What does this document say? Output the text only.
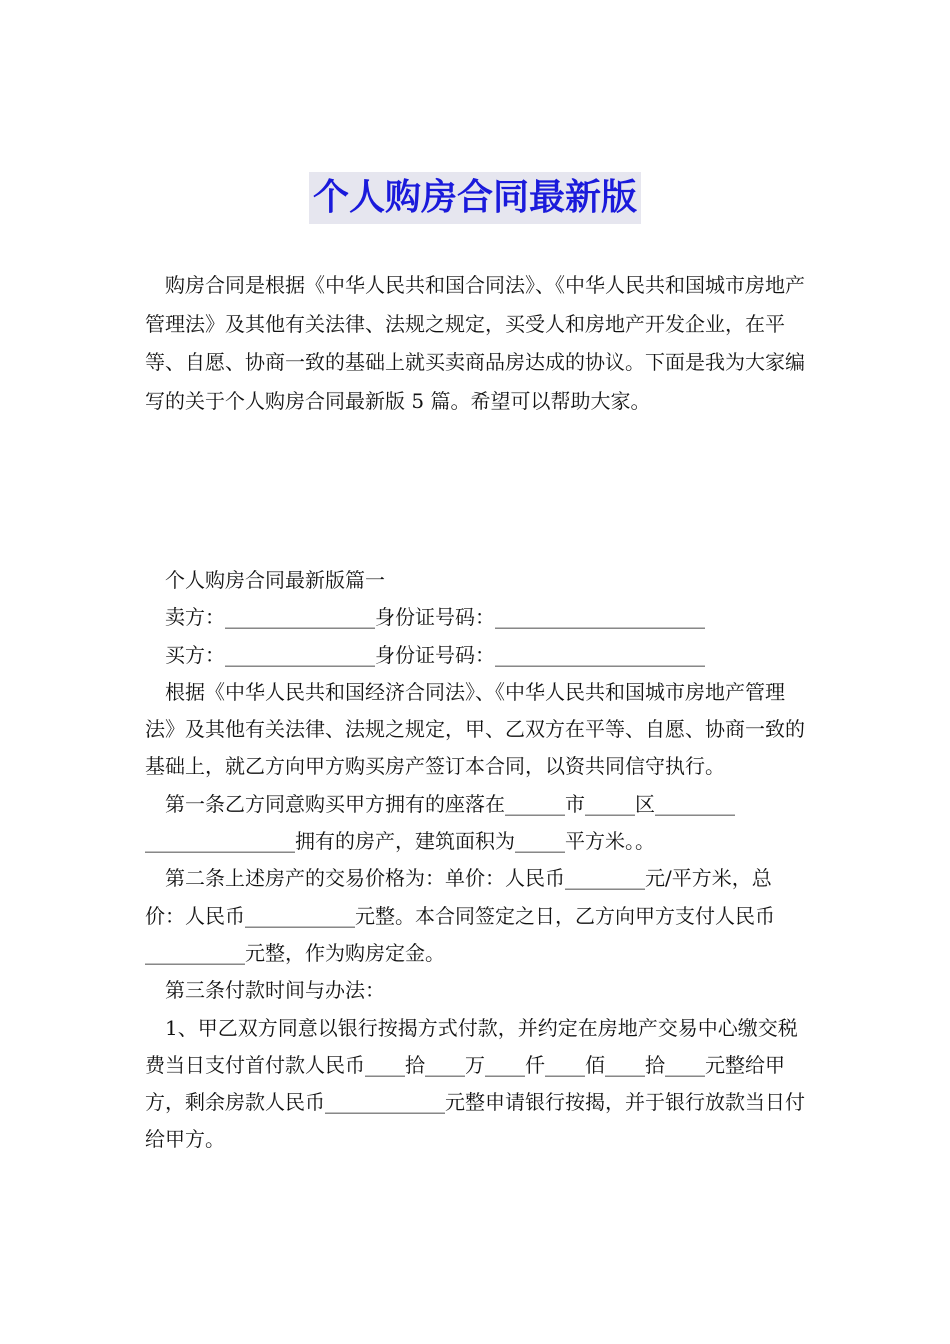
个人购房合同最新版

购房合同是根据《中华人民共和国合同法》、《中华人民共和国城市房地产管理法》及其他有关法律、法规之规定，买受人和房地产开发企业，在平等、自愿、协商一致的基础上就买卖商品房达成的协议。下面是我为大家编写的关于个人购房合同最新版 5 篇。希望可以帮助大家。

个人购房合同最新版篇一

卖方：_______________身份证号码：_____________________

买方：_______________身份证号码：_____________________

根据《中华人民共和国经济合同法》、《中华人民共和国城市房地产管理法》及其他有关法律、法规之规定，甲、乙双方在平等、自愿、协商一致的基础上，就乙方向甲方购买房产签订本合同，以资共同信守执行。

第一条乙方同意购买甲方拥有的座落在______市_____区________ _______________拥有的房产，建筑面积为_____平方米。。

第二条上述房产的交易价格为：单价：人民币________元/平方米，总价：人民币___________元整。本合同签定之日，乙方向甲方支付人民币__________元整，作为购房定金。

第三条付款时间与办法：

1、甲乙双方同意以银行按揭方式付款，并约定在房地产交易中心缴交税费当日支付首付款人民币____拾____万____仟____佰____拾____元整给甲方，剩余房款人民币____________元整申请银行按揭，并于银行放款当日付给甲方。
